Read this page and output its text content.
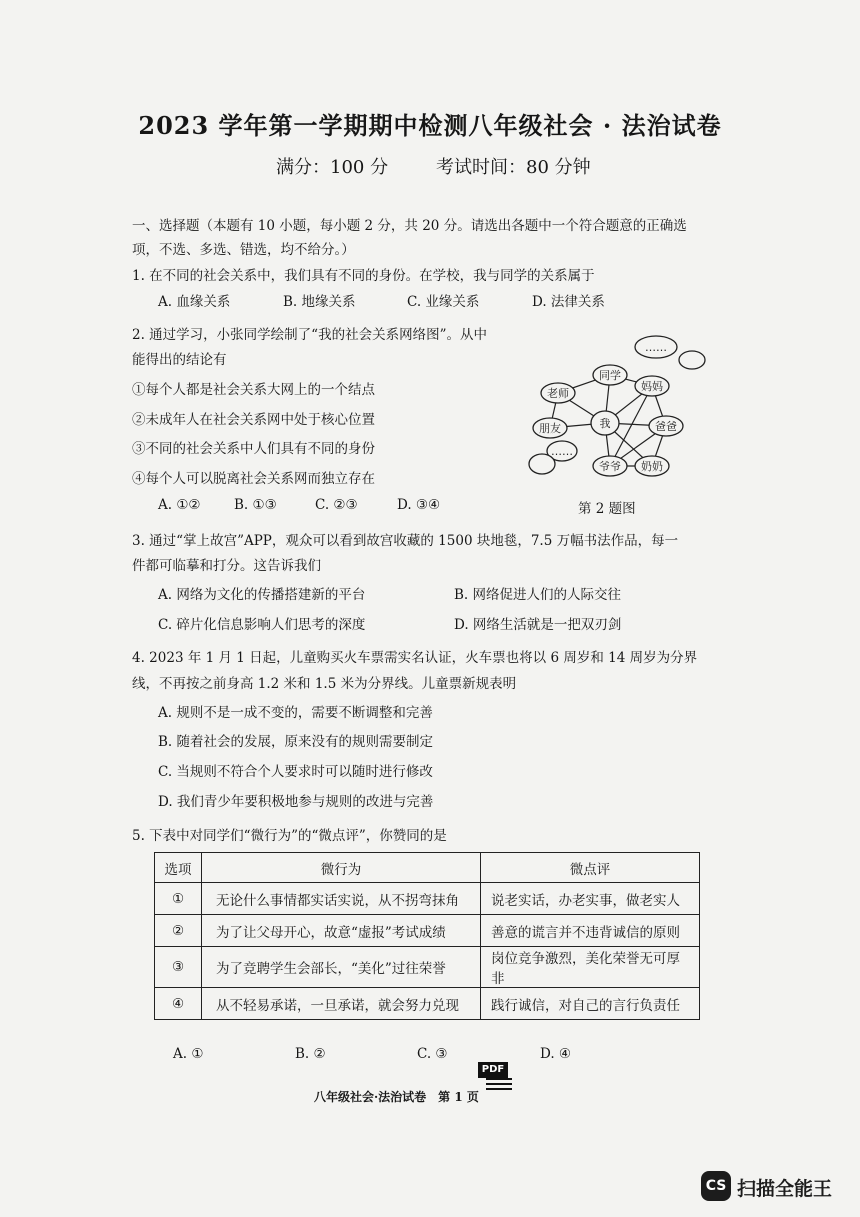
2023 学年第一学期期中检测八年级社会 · 法治试卷
满分：100 分	考试时间：80 分钟
一、选择题（本题有 10 小题，每小题 2 分，共 20 分。请选出各题中一个符合题意的正确选
项，不选、多选、错选，均不给分。）
1. 在不同的社会关系中，我们具有不同的身份。在学校，我与同学的关系属于
A. 血缘关系	B. 地缘关系	C. 业缘关系	D. 法律关系
2. 通过学习，小张同学绘制了“我的社会关系网络图”。从中
能得出的结论有
①每个人都是社会关系大网上的一个结点
②未成年人在社会关系网中处于核心位置
③不同的社会关系中人们具有不同的身份
④每个人可以脱离社会关系网而独立存在
A. ①② B. ①③	C. ②③	D. ③④
……
……
同学
妈妈
老师
朋友	我	爸爸
爷爷 奶奶
第 2 题图
3. 通过“掌上故宫”APP，观众可以看到故宫收藏的 1500 块地毯，7.5 万幅书法作品，每一
件都可临摹和打分。这告诉我们
A. 网络为文化的传播搭建新的平台	B. 网络促进人们的人际交往
C. 碎片化信息影响人们思考的深度	D. 网络生活就是一把双刃剑
4. 2023 年 1 月 1 日起，儿童购买火车票需实名认证，火车票也将以 6 周岁和 14 周岁为分界
线，不再按之前身高 1.2 米和 1.5 米为分界线。儿童票新规表明
A. 规则不是一成不变的，需要不断调整和完善
B. 随着社会的发展，原来没有的规则需要制定
C. 当规则不符合个人要求时可以随时进行修改
D. 我们青少年要积极地参与规则的改进与完善
5. 下表中对同学们“微行为”的“微点评”，你赞同的是
选项	微行为	微点评
①	无论什么事情都实话实说，从不拐弯抹角	说老实话，办老实事，做老实人
②	为了让父母开心，故意“虚报”考试成绩	善意的谎言并不违背诚信的原则
③	为了竞聘学生会部长，“美化”过往荣誉	岗位竞争激烈，美化荣誉无可厚非
④	从不轻易承诺，一旦承诺，就会努力兑现	践行诚信，对自己的言行负责任
A. ①	B. ②	C. ③	D. ④
PDF
八年级社会·法治试卷　第 1 页
CS 扫描全能王
